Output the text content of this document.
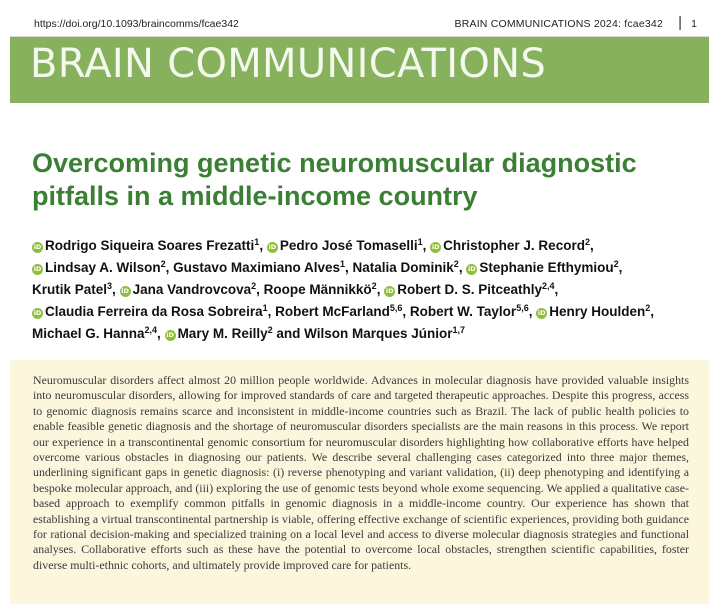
https://doi.org/10.1093/braincomms/fcae342	BRAIN COMMUNICATIONS 2024: fcae342 | 1
BRAIN COMMUNICATIONS
Overcoming genetic neuromuscular diagnostic pitfalls in a middle-income country
iD Rodrigo Siqueira Soares Frezatti$^1$, iD Pedro José Tomaselli$^1$, iD Christopher J. Record$^2$, iD Lindsay A. Wilson$^2$, Gustavo Maximiano Alves$^1$, Natalia Dominik$^2$, iD Stephanie Efthymiou$^2$, Krutik Patel$^3$, iD Jana Vandrovcova$^2$, Roope Männikkö$^2$, iD Robert D. S. Pitceathly$^{2,4}$, iD Claudia Ferreira da Rosa Sobreira$^1$, Robert McFarland$^{5,6}$, Robert W. Taylor$^{5,6}$, iD Henry Houlden$^2$, Michael G. Hanna$^{2,4}$, iD Mary M. Reilly$^2$ and Wilson Marques Júnior$^{1,7}$

Neuromuscular disorders affect almost 20 million people worldwide. Advances in molecular diagnosis have provided valuable insights into neuromuscular disorders, allowing for improved standards of care and targeted therapeutic approaches. Despite this progress, access to genomic diagnosis remains scarce and inconsistent in middle-income countries such as Brazil. The lack of public health policies to enable feasible genetic diagnosis and the shortage of neuromuscular disorders specialists are the main reasons in this process. We report our experience in a transcontinental genomic consortium for neuromuscular disorders highlighting how collaborative efforts have helped overcome various obstacles in diagnosing our patients. We describe several challenging cases categorized into three major themes, underlining significant gaps in genetic diagnosis: (i) reverse phenotyping and variant validation, (ii) deep phenotyping and identifying a bespoke molecular approach, and (iii) exploring the use of genomic tests beyond whole exome sequencing. We applied a qualitative case-based approach to exemplify common pitfalls in genomic diagnosis in a middle-income country. Our experience has shown that establishing a virtual transcontinental partnership is viable, offering effective exchange of scientific experiences, providing both guidance for rational decision-making and specialized training on a local level and access to diverse molecular diagnosis strategies and functional analyses. Collaborative efforts such as these have the potential to overcome local obstacles, strengthen scientific capabilities, foster diverse multi-ethnic cohorts, and ultimately provide improved care for patients.
